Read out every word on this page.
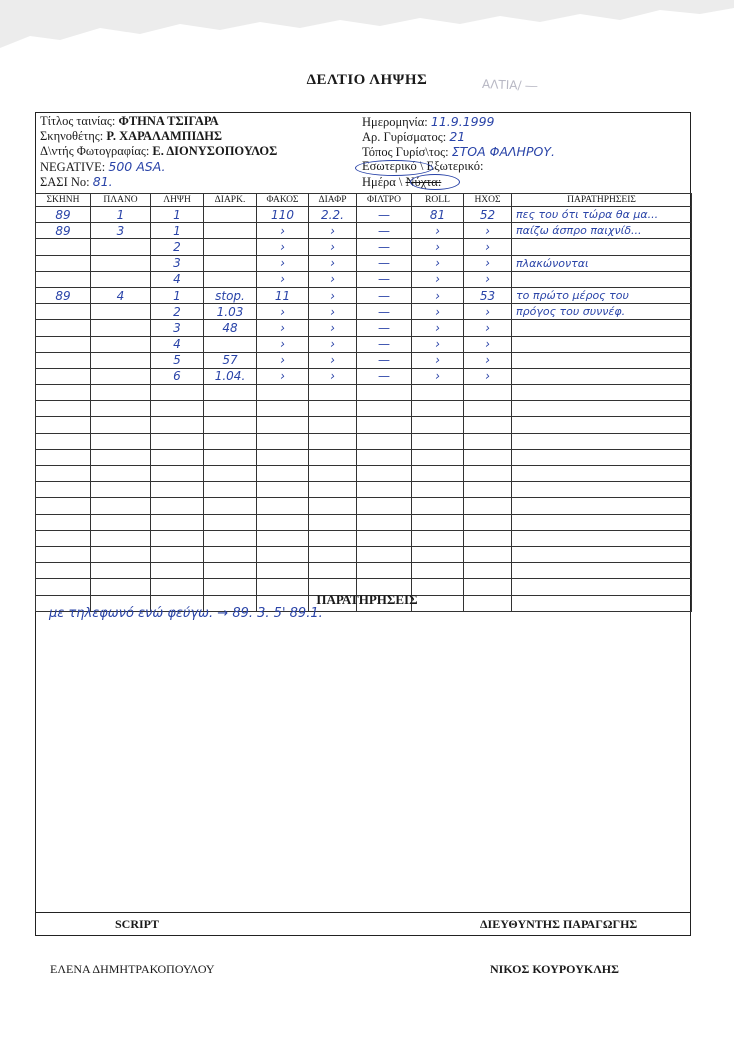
ΔΕΛΤΙΟ ΛΗΨΗΣ	ΑΛΤΙΑ/ ―
Τίτλος ταινίας: ΦΤΗΝΑ ΤΣΙΓΑΡΑ
Σκηνοθέτης: Ρ. ΧΑΡΑΛΑΜΠΙΔΗΣ
Δ\ντής Φωτογραφίας: Ε. ΔΙΟΝΥΣΟΠΟΥΛΟΣ
NEGATIVE: 500 ASA.
ΣΑΣΙ No: 81.
Ημερομηνία: 11.9.1999
Αρ. Γυρίσματος: 21
Τόπος Γυρίσ\τος: ΣΤΟΑ ΦΑΛΗΡΟΥ.
Εσωτερικό \ Εξωτερικό:
Ημέρα \ Νύχτα:
ΣΚΗΝΗ	ΠΛΑΝΟ	ΛΗΨΗ	ΔΙΑΡΚ.	ΦΑΚΟΣ	ΔΙΑΦΡ	ΦΙΛΤΡΟ	ROLL	ΗΧΟΣ	ΠΑΡΑΤΗΡΗΣΕΙΣ
89	1	1		110	2.2.	—	81	52	πες του ότι τώρα θα μα...
89	3	1		›	›	—	›	›	παίζω άσπρο παιχνίδ...
		2		›	›	—	›	›	
		3		›	›	—	›	›	πλακώνονται
		4		›	›	—	›	›	
89	4	1	stop.	11	›	—	›	53	το πρώτο μέρος του
		2	1.03	›	›	—	›	›	πρόγος του συννέφ.
		3	48	›	›	—	›	›	
		4		›	›	—	›	›	
		5	57	›	›	—	›	›	
		6	1.04.	›	›	—	›	›	

ΠΑΡΑΤΗΡΗΣΕΙΣ
με τηλεφωνό ενώ φεύγω. → 89. 3. 5' 89.1.
SCRIPT	ΔΙΕΥΘΥΝΤΗΣ ΠΑΡΑΓΩΓΗΣ
ΕΛΕΝΑ ΔΗΜΗΤΡΑΚΟΠΟΥΛΟΥ	ΝΙΚΟΣ ΚΟΥΡΟΥΚΛΗΣ
